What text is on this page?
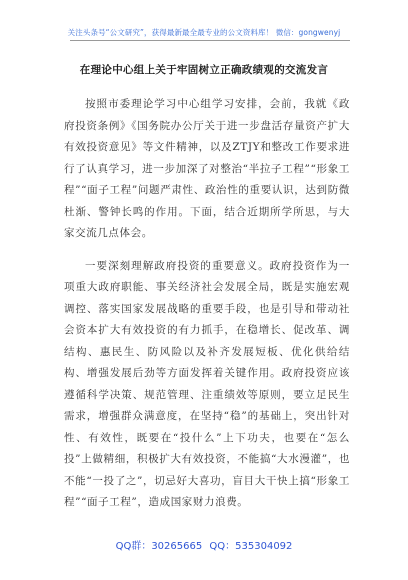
关注头条号“公文研究”，获得最新最全最专业的公文资料库！ 微信：gongwenyj
在理论中心组上关于牢固树立正确政绩观的交流发言

按照市委理论学习中心组学习安排，会前，我就《政府投资条例》《国务院办公厅关于进一步盘活存量资产扩大有效投资意见》等文件精神，以及ZTJY和整改工作要求进行了认真学习，进一步加深了对整治“半拉子工程”“形象工程”“面子工程”问题严肃性、政治性的重要认识，达到防微杜渐、警钟长鸣的作用。下面，结合近期所学所思，与大家交流几点体会。

一要深刻理解政府投资的重要意义。政府投资作为一项重大政府职能、事关经济社会发展全局，既是实施宏观调控、落实国家发展战略的重要手段，也是引导和带动社会资本扩大有效投资的有力抓手，在稳增长、促改革、调结构、惠民生、防风险以及补齐发展短板、优化供给结构、增强发展后劲等方面发挥着关键作用。政府投资应该遵循科学决策、规范管理、注重绩效等原则，要立足民生需求，增强群众满意度，在坚持“稳”的基础上，突出针对性、有效性，既要在“投什么”上下功夫，也要在“怎么投”上做精细，积极扩大有效投资，不能搞“大水漫灌”，也不能“一投了之”，切忌好大喜功，盲目大干快上搞“形象工程”“面子工程”，造成国家财力浪费。

QQ群：30265665 QQ：535304092
